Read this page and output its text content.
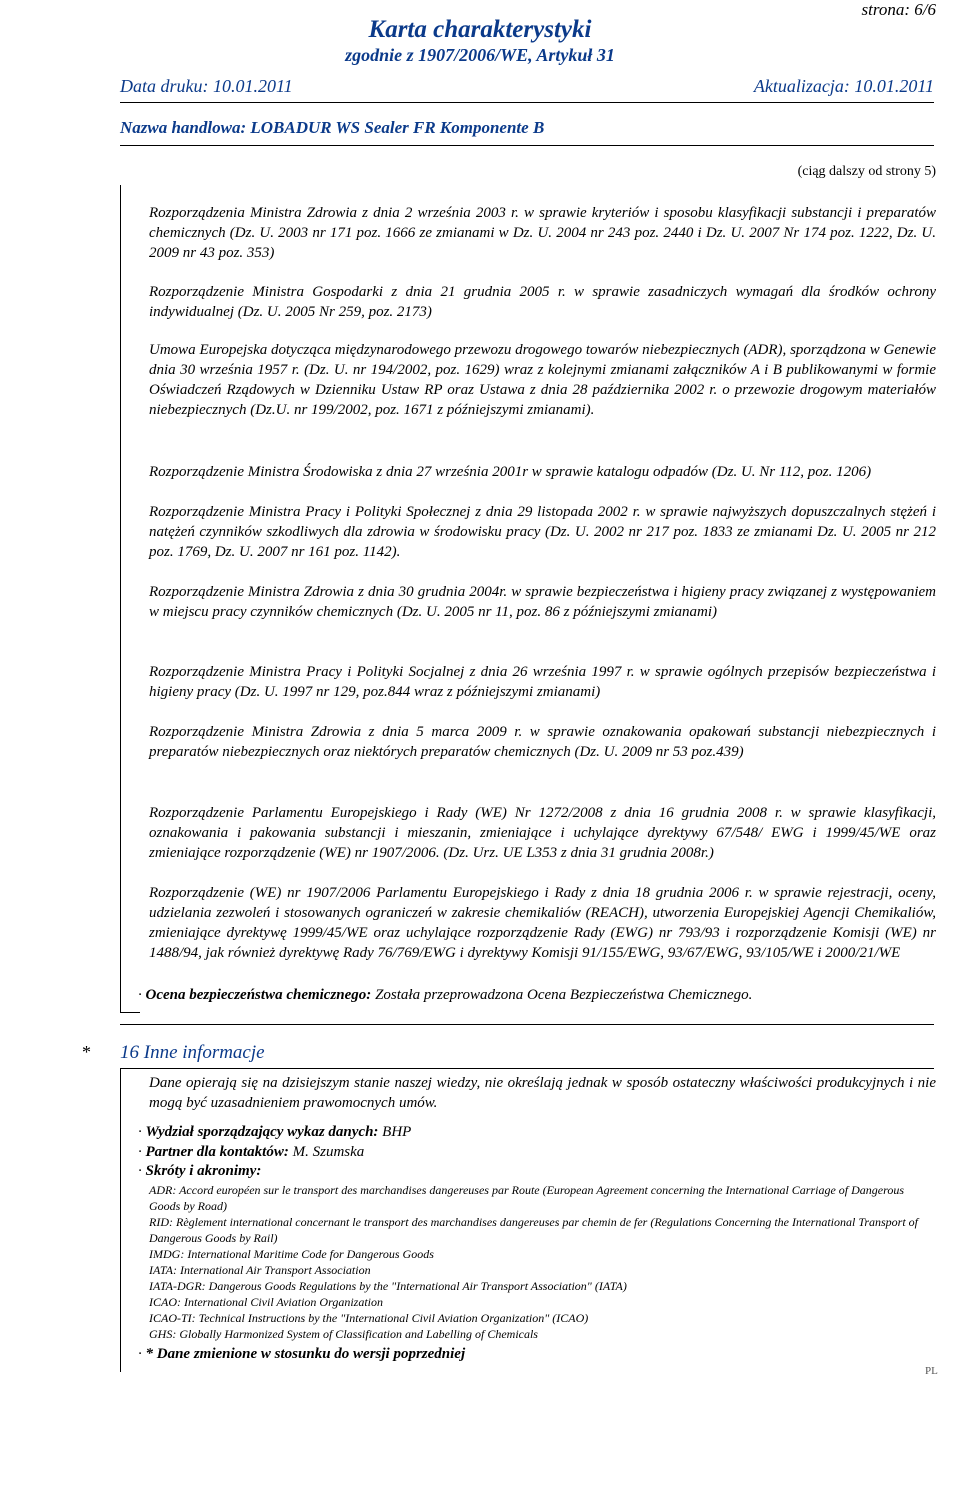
strona: 6/6
Karta charakterystyki
zgodnie z 1907/2006/WE, Artykuł 31
Data druku: 10.01.2011	Aktualizacja: 10.01.2011
Nazwa handlowa: LOBADUR WS Sealer FR Komponente B
(ciąg dalszy od strony 5)
Rozporządzenia Ministra Zdrowia z dnia 2 września 2003 r. w sprawie kryteriów i sposobu klasyfikacji substancji i preparatów chemicznych (Dz. U. 2003 nr 171 poz. 1666 ze zmianami w Dz. U. 2004 nr 243 poz. 2440 i Dz. U. 2007 Nr 174 poz. 1222, Dz. U. 2009 nr 43 poz. 353)
Rozporządzenie Ministra Gospodarki z dnia 21 grudnia 2005 r. w sprawie zasadniczych wymagań dla środków ochrony indywidualnej (Dz. U. 2005 Nr 259, poz. 2173)
Umowa Europejska dotycząca międzynarodowego przewozu drogowego towarów niebezpiecznych (ADR), sporządzona w Genewie dnia 30 września 1957 r. (Dz. U. nr 194/2002, poz. 1629) wraz z kolejnymi zmianami załączników A i B publikowanymi w formie Oświadczeń Rządowych w Dzienniku Ustaw RP oraz Ustawa z dnia 28 października 2002 r. o przewozie drogowym materiałów niebezpiecznych (Dz.U. nr 199/2002, poz. 1671 z późniejszymi zmianami).
Rozporządzenie Ministra Środowiska z dnia 27 września 2001r w sprawie katalogu odpadów (Dz. U. Nr 112, poz. 1206)
Rozporządzenie Ministra Pracy i Polityki Społecznej z dnia 29 listopada 2002 r. w sprawie najwyższych dopuszczalnych stężeń i natężeń czynników szkodliwych dla zdrowia w środowisku pracy (Dz. U. 2002 nr 217 poz. 1833 ze zmianami Dz. U. 2005 nr 212 poz. 1769, Dz. U. 2007 nr 161 poz. 1142).
Rozporządzenie Ministra Zdrowia z dnia 30 grudnia 2004r. w sprawie bezpieczeństwa i higieny pracy związanej z występowaniem w miejscu pracy czynników chemicznych (Dz. U. 2005 nr 11, poz. 86 z późniejszymi zmianami)
Rozporządzenie Ministra Pracy i Polityki Socjalnej z dnia 26 września 1997 r. w sprawie ogólnych przepisów bezpieczeństwa i higieny pracy (Dz. U. 1997 nr 129, poz.844 wraz z późniejszymi zmianami)
Rozporządzenie Ministra Zdrowia z dnia 5 marca 2009 r. w sprawie oznakowania opakowań substancji niebezpiecznych i preparatów niebezpiecznych oraz niektórych preparatów chemicznych (Dz. U. 2009 nr 53 poz.439)
Rozporządzenie Parlamentu Europejskiego i Rady (WE) Nr 1272/2008 z dnia 16 grudnia 2008 r. w sprawie klasyfikacji, oznakowania i pakowania substancji i mieszanin, zmieniające i uchylające dyrektywy 67/548/ EWG i 1999/45/WE oraz zmieniające rozporządzenie (WE) nr 1907/2006. (Dz. Urz. UE L353 z dnia 31 grudnia 2008r.)
Rozporządzenie (WE) nr 1907/2006 Parlamentu Europejskiego i Rady z dnia 18 grudnia 2006 r. w sprawie rejestracji, oceny, udzielania zezwoleń i stosowanych ograniczeń w zakresie chemikaliów (REACH), utworzenia Europejskiej Agencji Chemikaliów, zmieniające dyrektywę 1999/45/WE oraz uchylające rozporządzenie Rady (EWG) nr 793/93 i rozporządzenie Komisji (WE) nr 1488/94, jak również dyrektywę Rady 76/769/EWG i dyrektywy Komisji 91/155/EWG, 93/67/EWG, 93/105/WE i 2000/21/WE
· Ocena bezpieczeństwa chemicznego: Została przeprowadzona Ocena Bezpieczeństwa Chemicznego.
* 16 Inne informacje
Dane opierają się na dzisiejszym stanie naszej wiedzy, nie określają jednak w sposób ostateczny właściwości produkcyjnych i nie mogą być uzasadnieniem prawomocnych umów.
· Wydział sporządzający wykaz danych: BHP
· Partner dla kontaktów: M. Szumska
· Skróty i akronimy:
ADR: Accord européen sur le transport des marchandises dangereuses par Route (European Agreement concerning the International Carriage of Dangerous Goods by Road)
RID: Règlement international concernant le transport des marchandises dangereuses par chemin de fer (Regulations Concerning the International Transport of Dangerous Goods by Rail)
IMDG: International Maritime Code for Dangerous Goods
IATA: International Air Transport Association
IATA-DGR: Dangerous Goods Regulations by the "International Air Transport Association" (IATA)
ICAO: International Civil Aviation Organization
ICAO-TI: Technical Instructions by the "International Civil Aviation Organization" (ICAO)
GHS: Globally Harmonized System of Classification and Labelling of Chemicals
· * Dane zmienione w stosunku do wersji poprzedniej
PL
